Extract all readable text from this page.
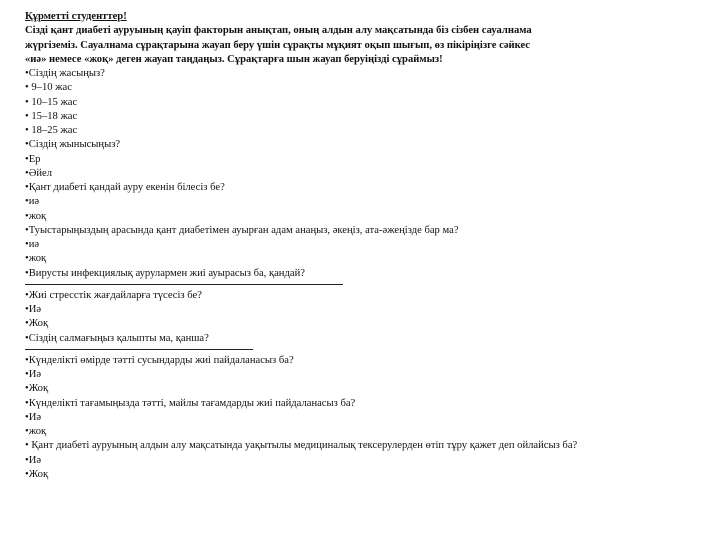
Құрметті студенттер!
Сізді қант диабеті ауруының қауіп факторын анықтап, оның алдын алу мақсатында біз сізбен сауалнама
жүргіземіз. Сауалнама сұрақтарына жауап беру үшін сұрақты мұқият оқып шығып, өз пікіріңізге сәйкес
«иә» немесе «жоқ» деген жауап таңдаңыз. Сұрақтарға шын жауап беруіңізді сұраймыз!
•Сіздің жасыңыз?
• 9–10 жас
• 10–15 жас
• 15–18 жас
• 18–25 жас
•Сіздің жынысыңыз?
•Ер
•Әйел
•Қант диабеті қандай ауру екенін білесіз бе?
•иә
•жоқ
•Туыстарыңыздың арасында қант диабетімен ауырған адам анаңыз, әкеңіз, ата-әжеңізде бар ма?
•иә
•жоқ
•Вирусты инфекциялық аурулармен жиі ауырасыз ба, қандай?
•Жиі стресстік жағдайларға түсесіз бе?
•Иә
•Жоқ
•Сіздің салмағыңыз қалыпты ма, қанша?
•Күнделікті өмірде тәтті сусындарды жиі пайдаланасыз ба?
•Иә
•Жоқ
•Күнделікті тағамыңызда тәтті, майлы тағамдарды жиі пайдаланасыз ба?
•Иә
•жоқ
• Қант диабеті ауруының алдын алу мақсатында уақытылы медициналық тексерулерден өтіп тұру қажет деп ойлайсыз ба?
•Иә
•Жоқ
